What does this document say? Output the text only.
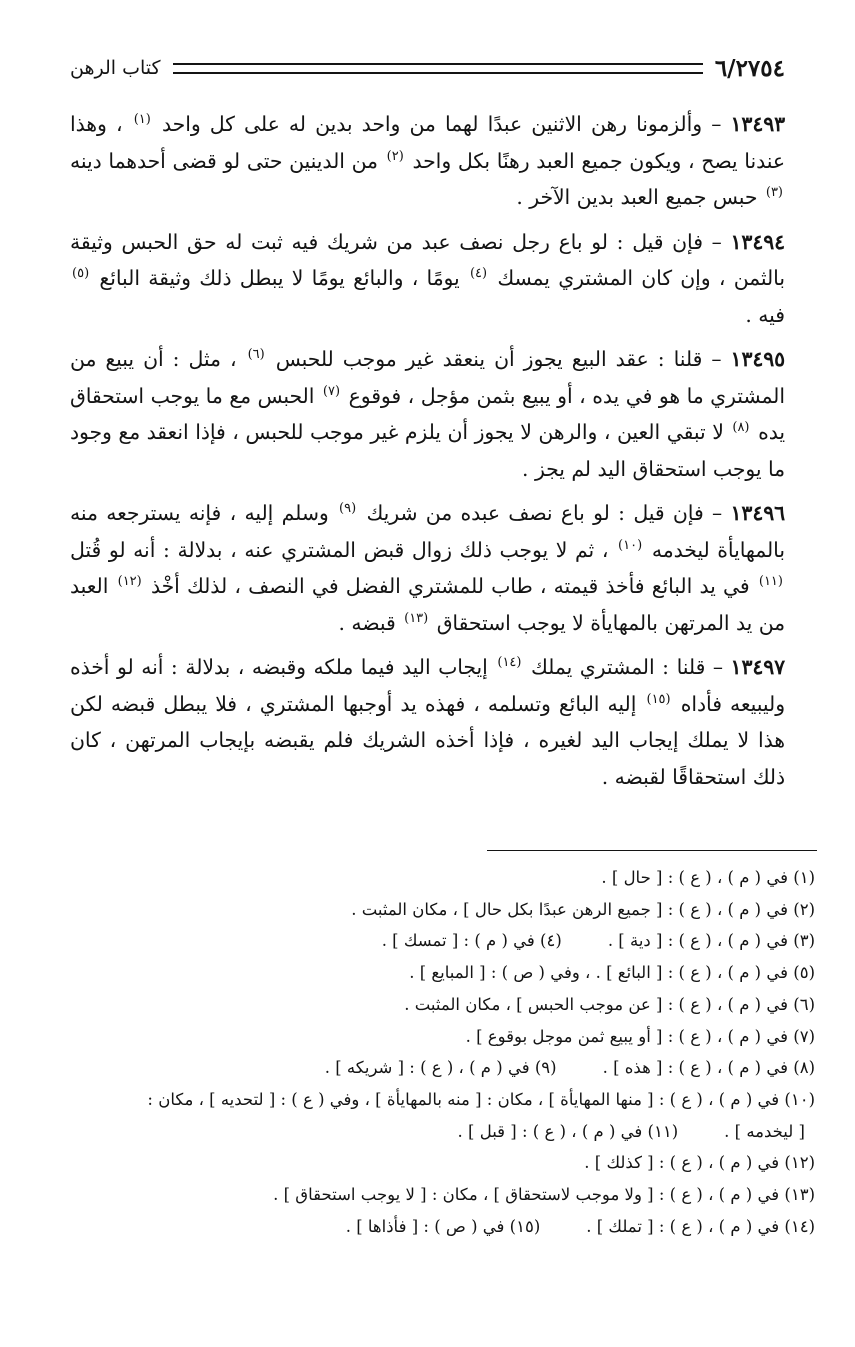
٦/٢٧٥٤
كتاب الرهن

١٣٤٩٣ – وألزمونا رهن الاثنين عبدًا لهما من واحد بدين له على كل واحد $^{(١)}$ ، وهذا عندنا يصح ، ويكون جميع العبد رهنًا بكل واحد $^{(٢)}$ من الدينين حتى لو قضى أحدهما دينه $^{(٣)}$ حبس جميع العبد بدين الآخر .

١٣٤٩٤ – فإن قيل : لو باع رجل نصف عبد من شريك فيه ثبت له حق الحبس وثيقة بالثمن ، وإن كان المشتري يمسك $^{(٤)}$ يومًا ، والبائع يومًا لا يبطل ذلك وثيقة البائع $^{(٥)}$ فيه .

١٣٤٩٥ – قلنا : عقد البيع يجوز أن ينعقد غير موجب للحبس $^{(٦)}$ ، مثل : أن يبيع من المشتري ما هو في يده ، أو يبيع بثمن مؤجل ، فوقوع $^{(٧)}$ الحبس مع ما يوجب استحقاق يده $^{(٨)}$ لا تبقي العين ، والرهن لا يجوز أن يلزم غير موجب للحبس ، فإذا انعقد مع وجود ما يوجب استحقاق اليد لم يجز .

١٣٤٩٦ – فإن قيل : لو باع نصف عبده من شريك $^{(٩)}$ وسلم إليه ، فإنه يسترجعه منه بالمهايأة ليخدمه $^{(١٠)}$ ، ثم لا يوجب ذلك زوال قبض المشتري عنه ، بدلالة : أنه لو قُتل $^{(١١)}$ في يد البائع فأخذ قيمته ، طاب للمشتري الفضل في النصف ، لذلك أخْذ $^{(١٢)}$ العبد من يد المرتهن بالمهايأة لا يوجب استحقاق $^{(١٣)}$ قبضه .

١٣٤٩٧ – قلنا : المشتري يملك $^{(١٤)}$ إيجاب اليد فيما ملكه وقبضه ، بدلالة : أنه لو أخذه وليبيعه فأداه $^{(١٥)}$ إليه البائع وتسلمه ، فهذه يد أوجبها المشتري ، فلا يبطل قبضه لكن هذا لا يملك إيجاب اليد لغيره ، فإذا أخذه الشريك فلم يقبضه بإيجاب المرتهن ، كان ذلك استحقاقًا لقبضه .

(١) في ( م ) ، ( ع ) : [ حال ] .
(٢) في ( م ) ، ( ع ) : [ جميع الرهن عبدًا بكل حال ] ، مكان المثبت .
(٣) في ( م ) ، ( ع ) : [ دية ] .
(٤) في ( م ) : [ تمسك ] .
(٥) في ( م ) ، ( ع ) : [ البائع ] . ، وفي ( ص ) : [ المبايع ] .
(٦) في ( م ) ، ( ع ) : [ عن موجب الحبس ] ، مكان المثبت .
(٧) في ( م ) ، ( ع ) : [ أو يبيع ثمن موجل بوقوع ] .
(٨) في ( م ) ، ( ع ) : [ هذه ] .
(٩) في ( م ) ، ( ع ) : [ شريكه ] .
(١٠) في ( م ) ، ( ع ) : [ منها المهايأة ] ، مكان : [ منه بالمهايأة ] ، وفي ( ع ) : [ لتحديه ] ، مكان :
[ ليخدمه ] .
(١١) في ( م ) ، ( ع ) : [ قبل ] .
(١٢) في ( م ) ، ( ع ) : [ كذلك ] .
(١٣) في ( م ) ، ( ع ) : [ ولا موجب لاستحقاق ] ، مكان : [ لا يوجب استحقاق ] .
(١٤) في ( م ) ، ( ع ) : [ تملك ] .
(١٥) في ( ص ) : [ فأذاها ] .
